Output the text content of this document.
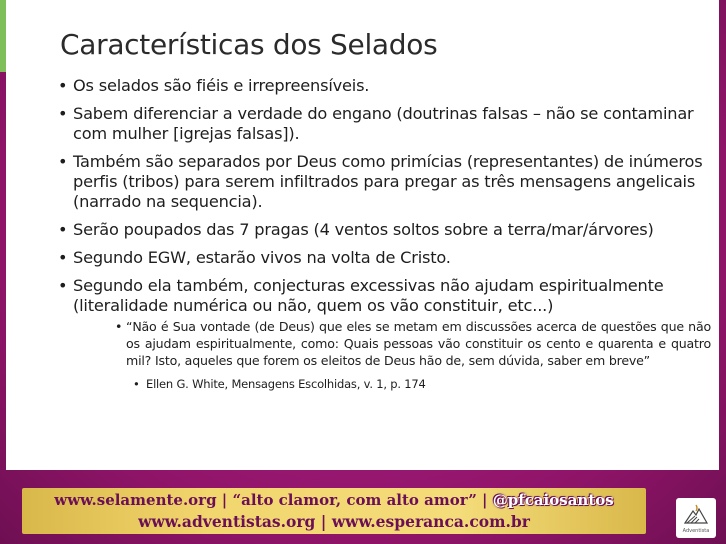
Características dos Selados
• Os selados são fiéis e irrepreensíveis.
• Sabem diferenciar a verdade do engano (doutrinas falsas – não se contaminar com mulher [igrejas falsas]).
• Também são separados por Deus como primícias (representantes) de inúmeros perfis (tribos) para serem infiltrados para pregar as três mensagens angelicais (narrado na sequencia).
• Serão poupados das 7 pragas (4 ventos soltos sobre a terra/mar/árvores)
• Segundo EGW, estarão vivos na volta de Cristo.
• Segundo ela também, conjecturas excessivas não ajudam espiritualmente (literalidade numérica ou não, quem os vão constituir, etc...)
• “Não é Sua vontade (de Deus) que eles se metam em discussões acerca de questões que não os ajudam espiritualmente, como: Quais pessoas vão constituir os cento e quarenta e quatro mil? Isto, aqueles que forem os eleitos de Deus hão de, sem dúvida, saber em breve”
• Ellen G. White, Mensagens Escolhidas, v. 1, p. 174
www.selamente.org | “alto clamor, com alto amor” | @pfcaiosantos
www.adventistas.org | www.esperanca.com.br	Adventista
